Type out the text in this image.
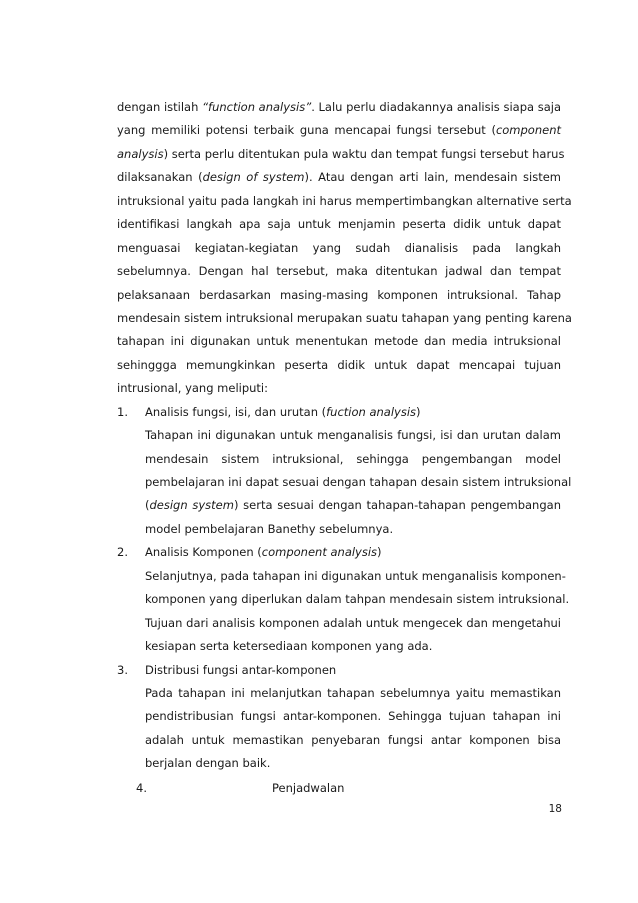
dengan istilah “function analysis”. Lalu perlu diadakannya analisis siapa saja
yang memiliki potensi terbaik guna mencapai fungsi tersebut (component
analysis) serta perlu ditentukan pula waktu dan tempat fungsi tersebut harus
dilaksanakan (design of system). Atau dengan arti lain, mendesain sistem
intruksional yaitu pada langkah ini harus mempertimbangkan alternative serta
identifikasi langkah apa saja untuk menjamin peserta didik untuk dapat
menguasai kegiatan-kegiatan yang sudah dianalisis pada langkah
sebelumnya. Dengan hal tersebut, maka ditentukan jadwal dan tempat
pelaksanaan berdasarkan masing-masing komponen intruksional. Tahap
mendesain sistem intruksional merupakan suatu tahapan yang penting karena
tahapan ini digunakan untuk menentukan metode dan media intruksional
sehinggga memungkinkan peserta didik untuk dapat mencapai tujuan
intrusional, yang meliputi:
1. Analisis fungsi, isi, dan urutan (fuction analysis)
Tahapan ini digunakan untuk menganalisis fungsi, isi dan urutan dalam
mendesain sistem intruksional, sehingga pengembangan model
pembelajaran ini dapat sesuai dengan tahapan desain sistem intruksional
(design system) serta sesuai dengan tahapan-tahapan pengembangan
model pembelajaran Banethy sebelumnya.
2. Analisis Komponen (component analysis)
Selanjutnya, pada tahapan ini digunakan untuk menganalisis komponen-
komponen yang diperlukan dalam tahpan mendesain sistem intruksional.
Tujuan dari analisis komponen adalah untuk mengecek dan mengetahui
kesiapan serta ketersediaan komponen yang ada.
3. Distribusi fungsi antar-komponen
Pada tahapan ini melanjutkan tahapan sebelumnya yaitu memastikan
pendistribusian fungsi antar-komponen. Sehingga tujuan tahapan ini
adalah untuk memastikan penyebaran fungsi antar komponen bisa
berjalan dengan baik.
4.	Penjadwalan
18
